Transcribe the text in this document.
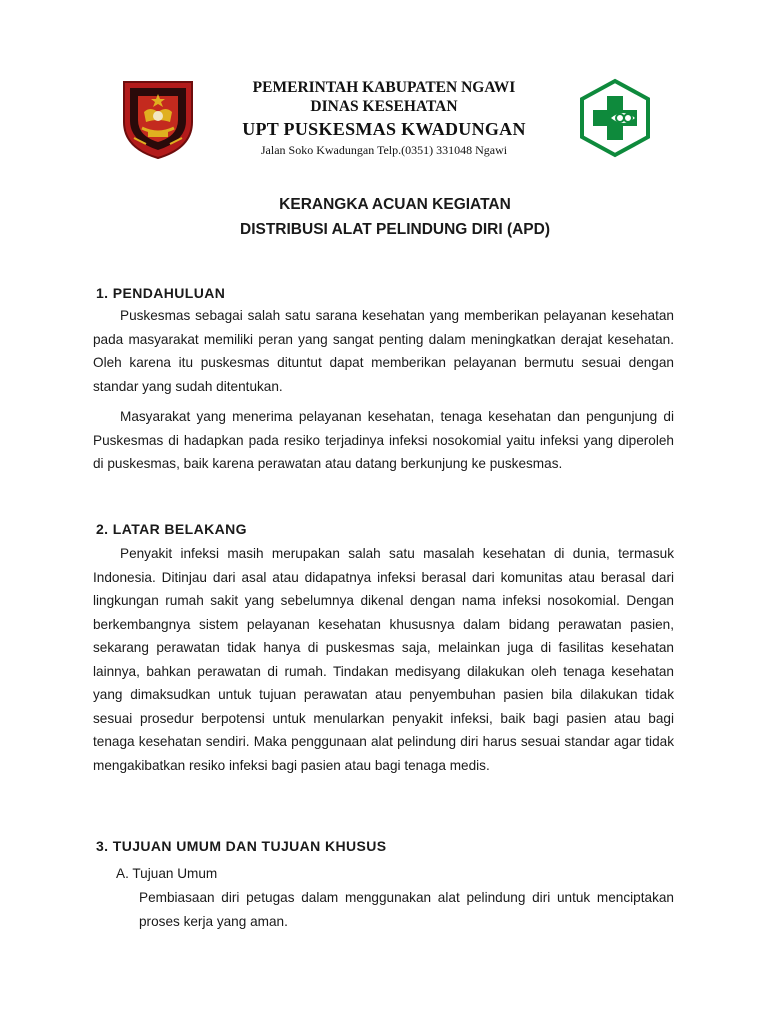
PEMERINTAH KABUPATEN NGAWI
DINAS KESEHATAN
UPT PUSKESMAS KWADUNGAN
Jalan Soko Kwadungan Telp.(0351) 331048 Ngawi
KERANGKA ACUAN KEGIATAN
DISTRIBUSI ALAT PELINDUNG DIRI (APD)
1. PENDAHULUAN

Puskesmas sebagai salah satu sarana kesehatan yang memberikan pelayanan kesehatan pada masyarakat memiliki peran yang sangat penting dalam meningkatkan derajat kesehatan. Oleh karena itu puskesmas dituntut dapat memberikan pelayanan bermutu sesuai dengan standar yang sudah ditentukan.

Masyarakat yang menerima pelayanan kesehatan, tenaga kesehatan dan pengunjung di Puskesmas di hadapkan pada resiko terjadinya infeksi nosokomial yaitu infeksi yang diperoleh di puskesmas, baik karena perawatan atau datang berkunjung ke puskesmas.

2. LATAR BELAKANG

Penyakit infeksi masih merupakan salah satu masalah kesehatan di dunia, termasuk Indonesia. Ditinjau dari asal atau didapatnya infeksi berasal dari komunitas atau berasal dari lingkungan rumah sakit yang sebelumnya dikenal dengan nama infeksi nosokomial. Dengan berkembangnya sistem pelayanan kesehatan khususnya dalam bidang perawatan pasien, sekarang perawatan tidak hanya di puskesmas saja, melainkan juga di fasilitas kesehatan lainnya, bahkan perawatan di rumah. Tindakan medisyang dilakukan oleh tenaga kesehatan yang dimaksudkan untuk tujuan perawatan atau penyembuhan pasien bila dilakukan tidak sesuai prosedur berpotensi untuk menularkan penyakit infeksi, baik bagi pasien atau bagi tenaga kesehatan sendiri. Maka penggunaan alat pelindung diri harus sesuai standar agar tidak mengakibatkan resiko infeksi bagi pasien atau bagi tenaga medis.

3. TUJUAN UMUM DAN TUJUAN KHUSUS
A. Tujuan Umum

Pembiasaan diri petugas dalam menggunakan alat pelindung diri untuk menciptakan proses kerja yang aman.
